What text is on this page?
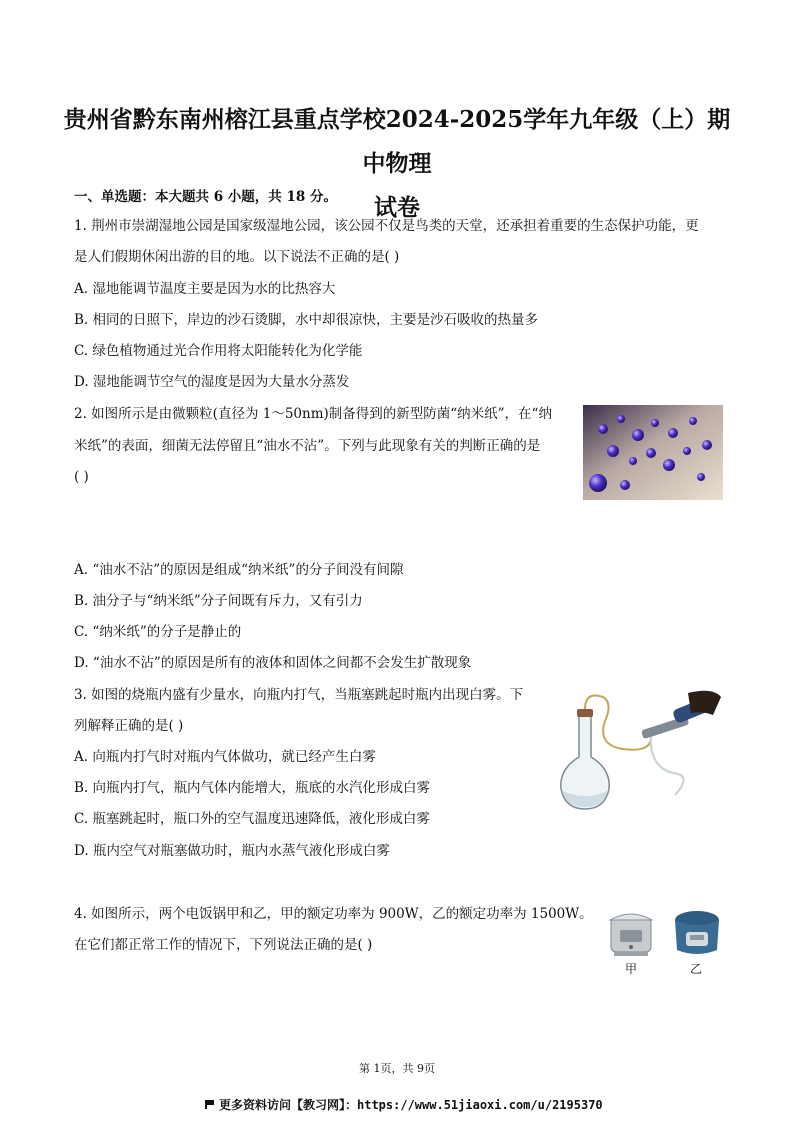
贵州省黔东南州榕江县重点学校2024-2025学年九年级（上）期中物理
试卷
一、单选题：本大题共 6 小题，共 18 分。
1. 荆州市崇湖湿地公园是国家级湿地公园，该公园不仅是鸟类的天堂，还承担着重要的生态保护功能，更
是人们假期休闲出游的目的地。以下说法不正确的是( )
A. 湿地能调节温度主要是因为水的比热容大
B. 相同的日照下，岸边的沙石烫脚，水中却很凉快，主要是沙石吸收的热量多
C. 绿色植物通过光合作用将太阳能转化为化学能
D. 湿地能调节空气的湿度是因为大量水分蒸发
2. 如图所示是由微颗粒(直径为 1～50nm)制备得到的新型防菌“纳米纸”，在“纳
米纸”的表面，细菌无法停留且“油水不沾”。下列与此现象有关的判断正确的是
( )
A. “油水不沾”的原因是组成“纳米纸”的分子间没有间隙
B. 油分子与“纳米纸”分子间既有斥力，又有引力
C. “纳米纸”的分子是静止的
D. “油水不沾”的原因是所有的液体和固体之间都不会发生扩散现象
3. 如图的烧瓶内盛有少量水，向瓶内打气，当瓶塞跳起时瓶内出现白雾。下
列解释正确的是( )
A. 向瓶内打气时对瓶内气体做功，就已经产生白雾
B. 向瓶内打气，瓶内气体内能增大，瓶底的水汽化形成白雾
C. 瓶塞跳起时，瓶口外的空气温度迅速降低，液化形成白雾
D. 瓶内空气对瓶塞做功时，瓶内水蒸气液化形成白雾
4. 如图所示，两个电饭锅甲和乙，甲的额定功率为 900W，乙的额定功率为 1500W。
在它们都正常工作的情况下，下列说法正确的是( )
甲	乙
第 1页，共 9页
更多资料访问【教习网】：https://www.51jiaoxi.com/u/2195370
